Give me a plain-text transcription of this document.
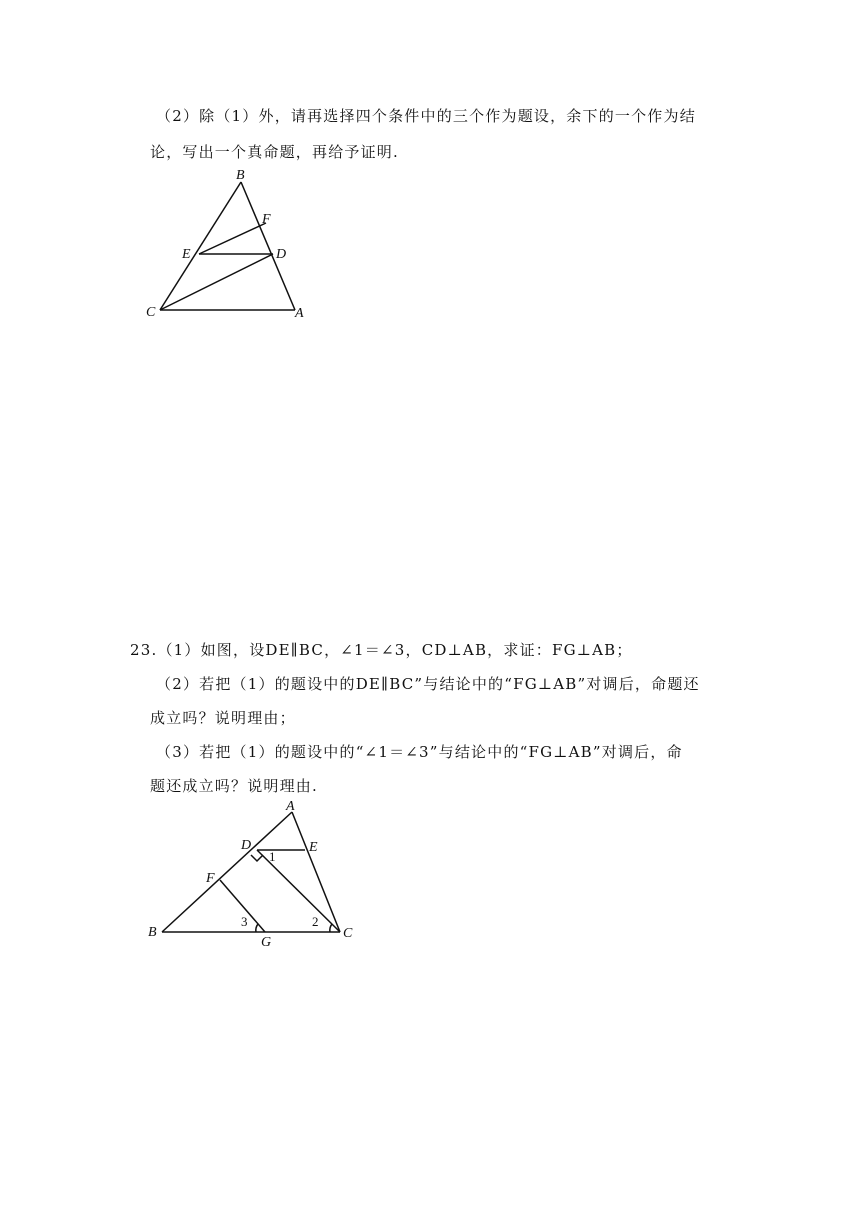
（2）除（1）外，请再选择四个条件中的三个作为题设，余下的一个作为结
论，写出一个真命题，再给予证明.
B
F
E	D
C	A
23.（1）如图，设DE∥BC，∠1＝∠3，CD⊥AB，求证：FG⊥AB；
（2）若把（1）的题设中的DE∥BC”与结论中的“FG⊥AB”对调后，命题还
成立吗？说明理由；
（3）若把（1）的题设中的“∠1＝∠3”与结论中的“FG⊥AB”对调后，命
题还成立吗？说明理由.
A
D	E
1
F
B
3
G
2
C
